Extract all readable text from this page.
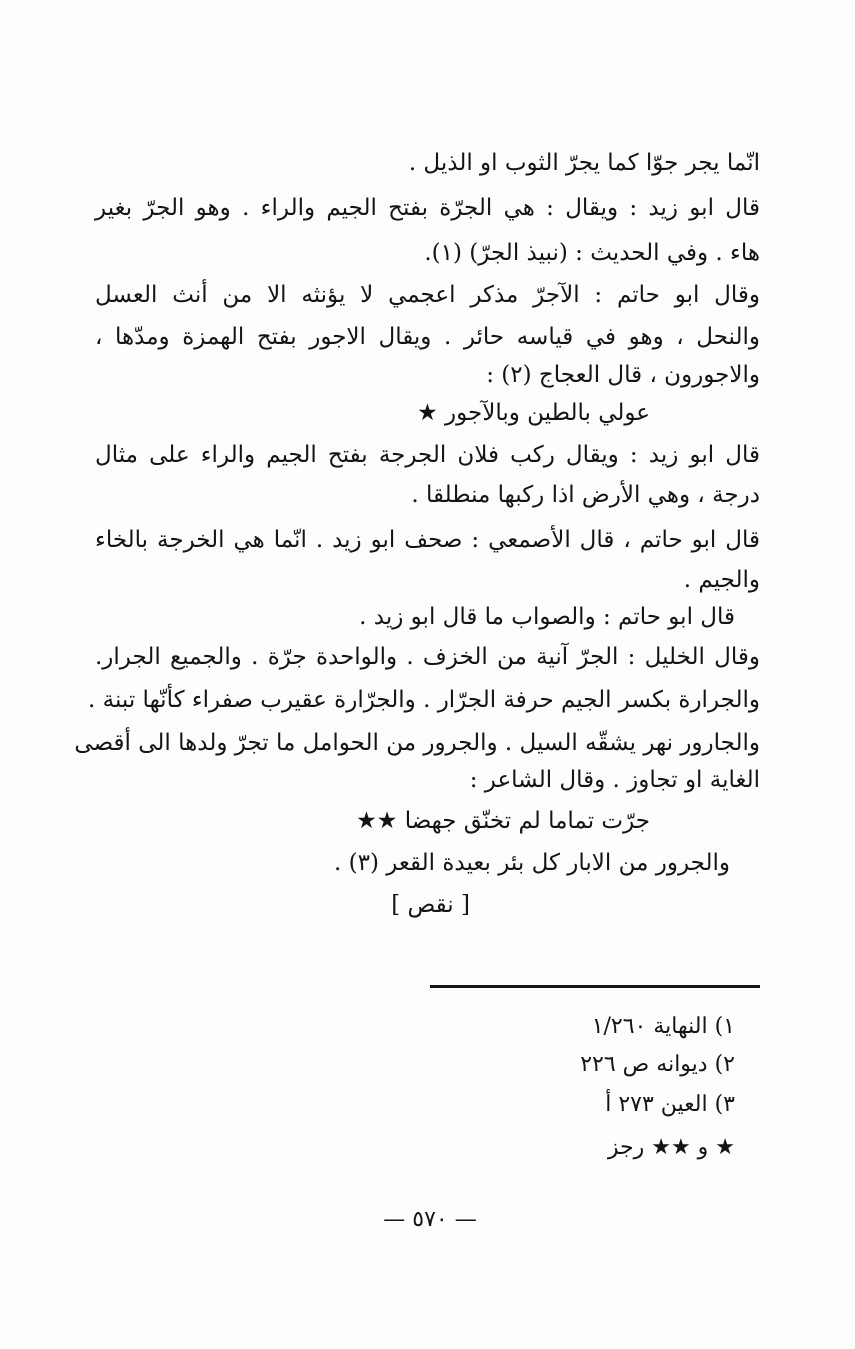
انّما يجر جوّا كما يجرّ الثوب او الذيل .
قال ابو زيد : ويقال : هي الجرّة بفتح الجيم والراء . وهو الجرّ بغير
هاء . وفي الحديث : (نبيذ الجرّ) (١).
وقال ابو حاتم : الآجرّ مذكر اعجمي لا يؤنثه الا من أنث العسل
والنحل ، وهو في قياسه حائر . ويقال الاجور بفتح الهمزة ومدّها ،
والاجورون ، قال العجاج (٢) :
عولي بالطين وبالآجور ★
قال ابو زيد : ويقال ركب فلان الجرجة بفتح الجيم والراء على مثال
درجة ، وهي الأرض اذا ركبها منطلقا .
قال ابو حاتم ، قال الأصمعي : صحف ابو زيد . انّما هي الخرجة بالخاء
والجيم .
قال ابو حاتم : والصواب ما قال ابو زيد .
وقال الخليل : الجرّ آنية من الخزف . والواحدة جرّة . والجميع الجرار.
والجرارة بكسر الجيم حرفة الجرّار . والجرّارة عقيرب صفراء كأنّها تبنة .
والجارور نهر يشقّه السيل . والجرور من الحوامل ما تجرّ ولدها الى أقصى
الغاية او تجاوز . وقال الشاعر :
جرّت تماما لم تخنّق جهضا ★★
والجرور من الابار كل بئر بعيدة القعر (٣) .
[ نقص ]
١) النهاية ١/٢٦٠
٢) ديوانه ص ٢٢٦
٣) العين ٢٧٣ أ
★ و ★★ رجز
— ٥٧٠ —
